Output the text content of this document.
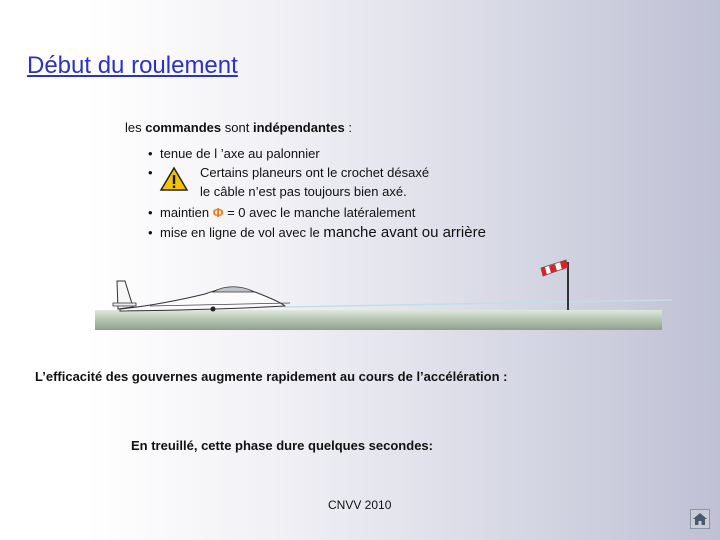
Début du roulement
les commandes sont indépendantes :
• tenue de l ’axe au palonnier
•	Certains planeurs ont le crochet désaxé
le câble n’est pas toujours bien axé.
• maintien Φ = 0 avec le manche latéralement
• mise en ligne de vol avec le manche avant ou arrière
L’efficacité des gouvernes augmente rapidement au cours de l’accélération :
En treuillé, cette phase dure quelques secondes:
CNVV 2010
